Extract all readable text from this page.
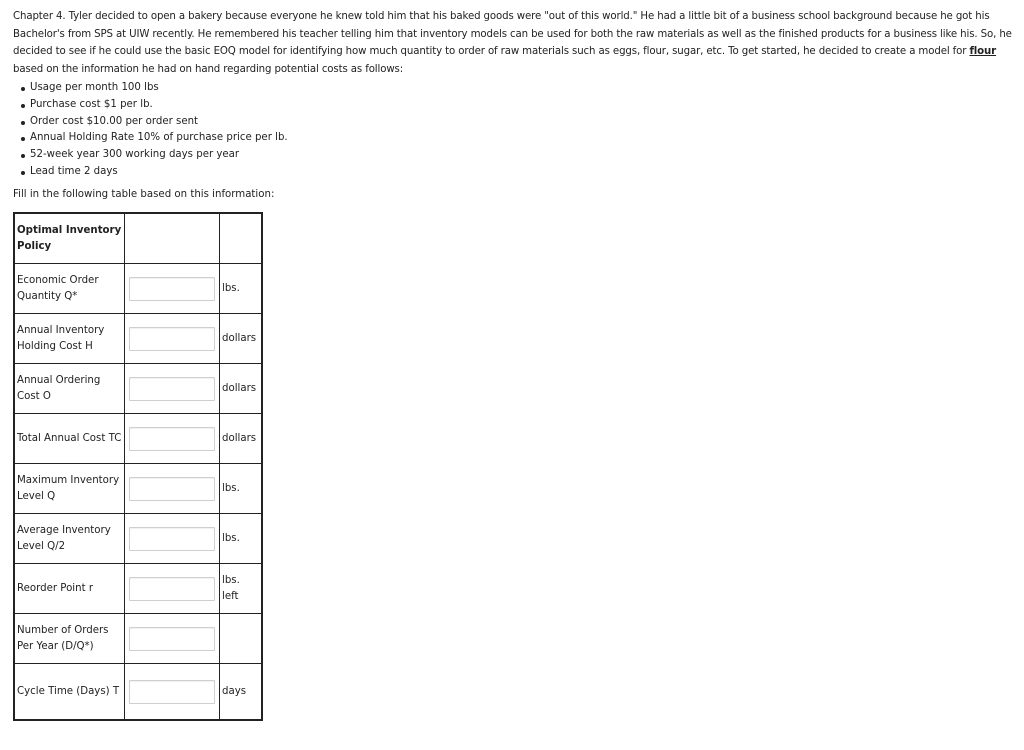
Chapter 4. Tyler decided to open a bakery because everyone he knew told him that his baked goods were "out of this world." He had a little bit of a business school background because he got his Bachelor's from SPS at UIW recently. He remembered his teacher telling him that inventory models can be used for both the raw materials as well as the finished products for a business like his. So, he decided to see if he could use the basic EOQ model for identifying how much quantity to order of raw materials such as eggs, flour, sugar, etc. To get started, he decided to create a model for flour based on the information he had on hand regarding potential costs as follows:
Usage per month 100 lbs
Purchase cost $1 per lb.
Order cost $10.00 per order sent
Annual Holding Rate 10% of purchase price per lb.
52-week year 300 working days per year
Lead time 2 days
Fill in the following table based on this information:
Optimal Inventory Policy		
Economic Order Quantity Q*		lbs.
Annual Inventory Holding Cost H		dollars
Annual Ordering Cost O		dollars
Total Annual Cost TC		dollars
Maximum Inventory Level Q		lbs.
Average Inventory Level Q/2		lbs.
Reorder Point r		lbs. left
Number of Orders Per Year (D/Q*)	

Cycle Time (Days) T		days
